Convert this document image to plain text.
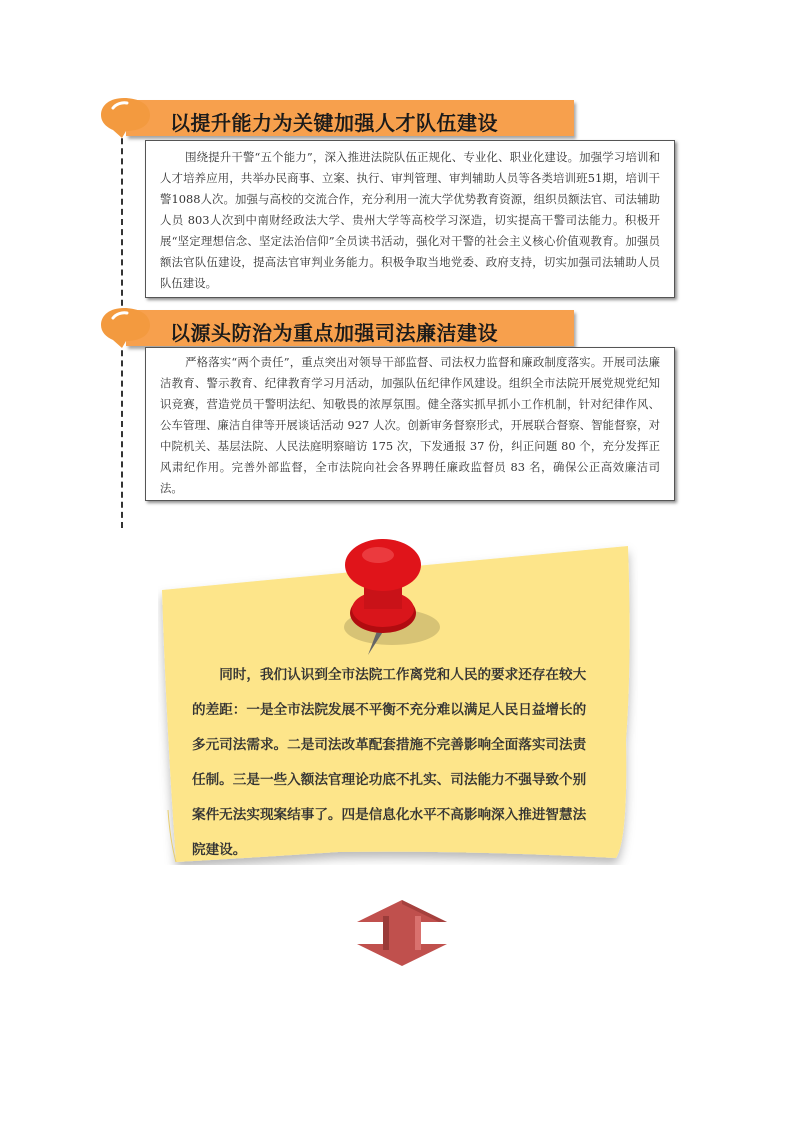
以提升能力为关键加强人才队伍建设

围绕提升干警“五个能力”，深入推进法院队伍正规化、专业化、职业化建设。加强学习培训和人才培养应用，共举办民商事、立案、执行、审判管理、审判辅助人员等各类培训班51期，培训干警1088人次。加强与高校的交流合作，充分利用一流大学优势教育资源，组织员额法官、司法辅助人员 803人次到中南财经政法大学、贵州大学等高校学习深造，切实提高干警司法能力。积极开展“坚定理想信念、坚定法治信仰”全员读书活动，强化对干警的社会主义核心价值观教育。加强员额法官队伍建设，提高法官审判业务能力。积极争取当地党委、政府支持，切实加强司法辅助人员队伍建设。

以源头防治为重点加强司法廉洁建设

严格落实“两个责任”，重点突出对领导干部监督、司法权力监督和廉政制度落实。开展司法廉洁教育、警示教育、纪律教育学习月活动，加强队伍纪律作风建设。组织全市法院开展党规党纪知识竞赛，营造党员干警明法纪、知敬畏的浓厚氛围。健全落实抓早抓小工作机制，针对纪律作风、公车管理、廉洁自律等开展谈话活动 927 人次。创新审务督察形式，开展联合督察、智能督察，对中院机关、基层法院、人民法庭明察暗访 175 次，下发通报 37 份，纠正问题 80 个，充分发挥正风肃纪作用。完善外部监督，全市法院向社会各界聘任廉政监督员 83 名，确保公正高效廉洁司法。

同时，我们认识到全市法院工作离党和人民的要求还存在较大的差距：一是全市法院发展不平衡不充分难以满足人民日益增长的多元司法需求。二是司法改革配套措施不完善影响全面落实司法责任制。三是一些入额法官理论功底不扎实、司法能力不强导致个别案件无法实现案结事了。四是信息化水平不高影响深入推进智慧法院建设。
